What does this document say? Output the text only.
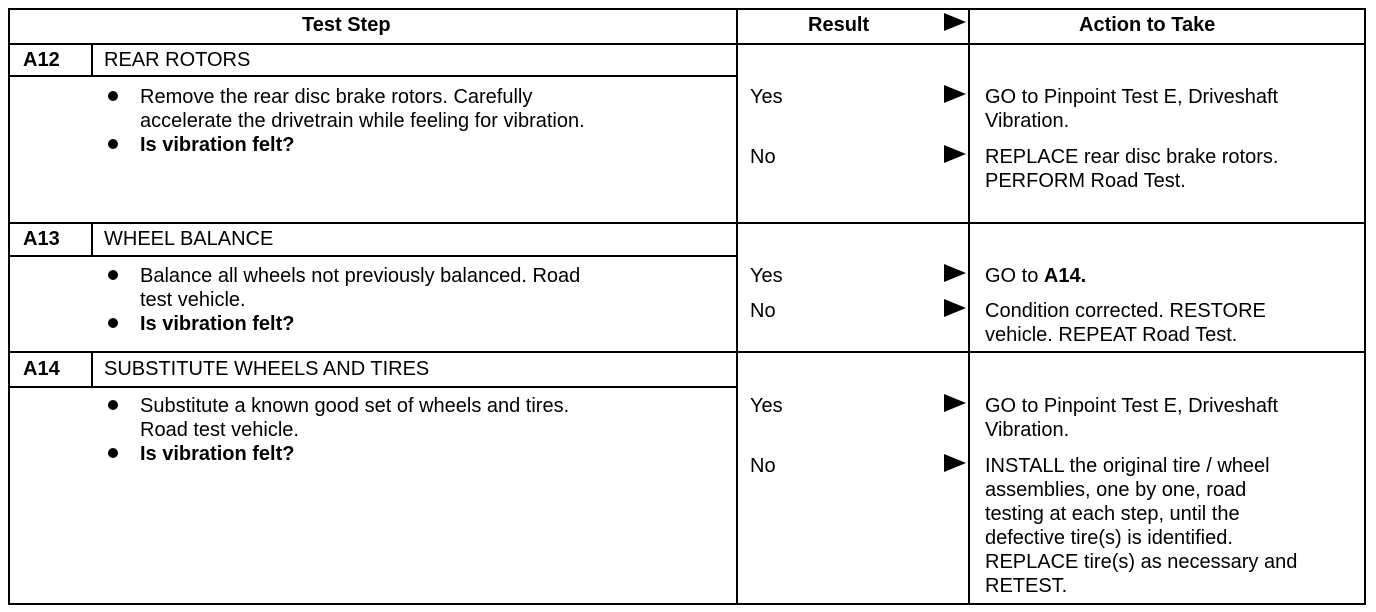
Test Step	Result	Action to Take
A12 REAR ROTORS
Remove the rear disc brake rotors. Carefully
accelerate the drivetrain while feeling for vibration.
Is vibration felt?
Yes	GO to Pinpoint Test E, Driveshaft
Vibration.
No	REPLACE rear disc brake rotors.
PERFORM Road Test.
A13 WHEEL BALANCE
Balance all wheels not previously balanced. Road
test vehicle.
Is vibration felt?
Yes	GO to A14.
No	Condition corrected. RESTORE
vehicle. REPEAT Road Test.
A14 SUBSTITUTE WHEELS AND TIRES
Substitute a known good set of wheels and tires.
Road test vehicle.
Is vibration felt?
Yes	GO to Pinpoint Test E, Driveshaft
Vibration.
No	INSTALL the original tire / wheel
assemblies, one by one, road
testing at each step, until the
defective tire(s) is identified.
REPLACE tire(s) as necessary and
RETEST.
